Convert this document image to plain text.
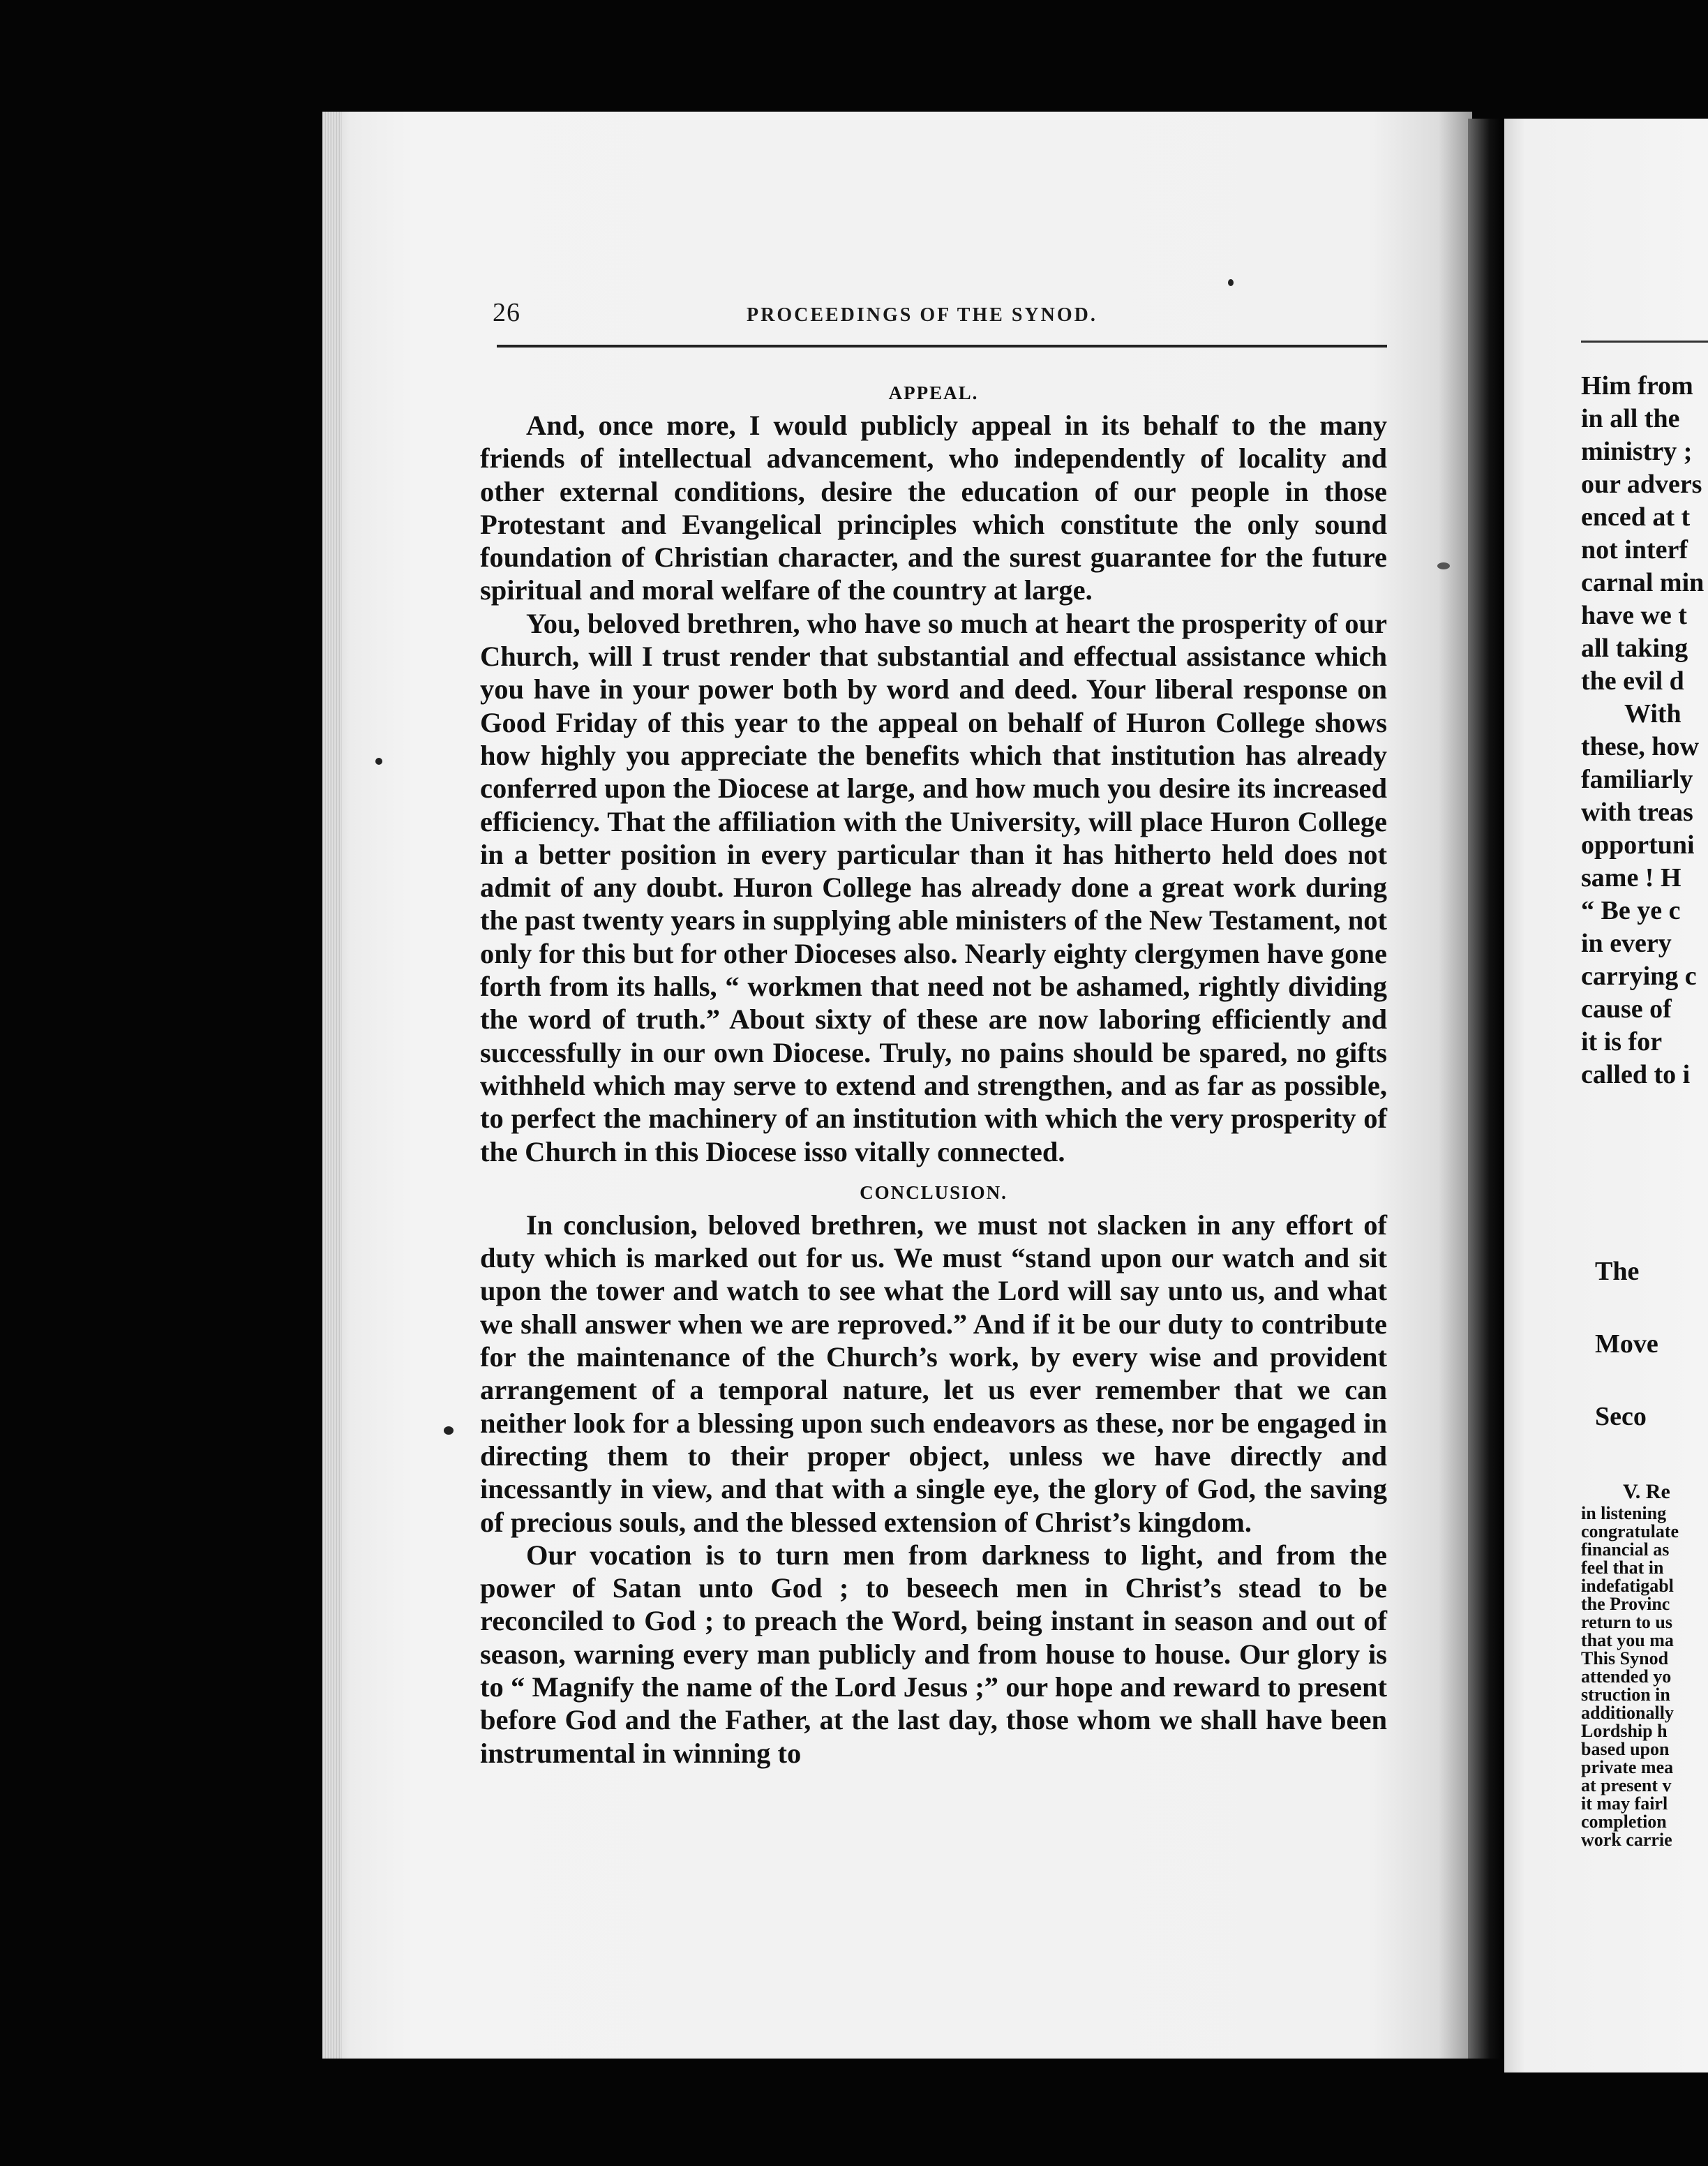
26	PROCEEDINGS OF THE SYNOD.

APPEAL.

And, once more, I would publicly appeal in its behalf to the many friends of intellectual advancement, who independently of locality and other external conditions, desire the education of our people in those Protestant and Evangelical principles which constitute the only sound foundation of Christian character, and the surest guarantee for the future spiritual and moral welfare of the country at large.

You, beloved brethren, who have so much at heart the prosperity of our Church, will I trust render that substantial and effectual assistance which you have in your power both by word and deed. Your liberal response on Good Friday of this year to the appeal on behalf of Huron College shows how highly you appreciate the benefits which that institution has already conferred upon the Diocese at large, and how much you desire its increased efficiency. That the affiliation with the University, will place Huron College in a better position in every particular than it has hitherto held does not admit of any doubt. Huron College has already done a great work during the past twenty years in supplying able ministers of the New Testament, not only for this but for other Dioceses also. Nearly eighty clergymen have gone forth from its halls, “ workmen that need not be ashamed, rightly dividing the word of truth.” About sixty of these are now laboring efficiently and successfully in our own Diocese. Truly, no pains should be spared, no gifts withheld which may serve to extend and strengthen, and as far as possible, to perfect the machinery of an institution with which the very prosperity of the Church in this Diocese isso vitally connected.

CONCLUSION.

In conclusion, beloved brethren, we must not slacken in any effort of duty which is marked out for us. We must “stand upon our watch and sit upon the tower and watch to see what the Lord will say unto us, and what we shall answer when we are reproved.” And if it be our duty to contribute for the maintenance of the Church’s work, by every wise and provident arrangement of a temporal nature, let us ever remember that we can neither look for a blessing upon such endeavors as these, nor be engaged in directing them to their proper object, unless we have directly and incessantly in view, and that with a single eye, the glory of God, the saving of precious souls, and the blessed extension of Christ’s kingdom.

Our vocation is to turn men from darkness to light, and from the power of Satan unto God ; to beseech men in Christ’s stead to be reconciled to God ; to preach the Word, being instant in season and out of season, warning every man publicly and from house to house. Our glory is to “ Magnify the name of the Lord Jesus ;” our hope and reward to present before God and the Father, at the last day, those whom we shall have been instrumental in winning to

Him from

in all the

ministry ;

our advers

enced at t

not interf

carnal min

have we t

all taking

the evil d

With

these, how

familiarly

with treas

opportuni

same ! H

“ Be ye c

in every

carrying c

cause of

it is for

called to i

The

Move

Seco

V. Re

in listening

congratulate

financial as

feel that in

indefatigabl

the Provinc

return to us

that you ma

This Synod

attended yo

struction in

additionally

Lordship h

based upon

private mea

at present v

it may fairl

completion

work carrie
